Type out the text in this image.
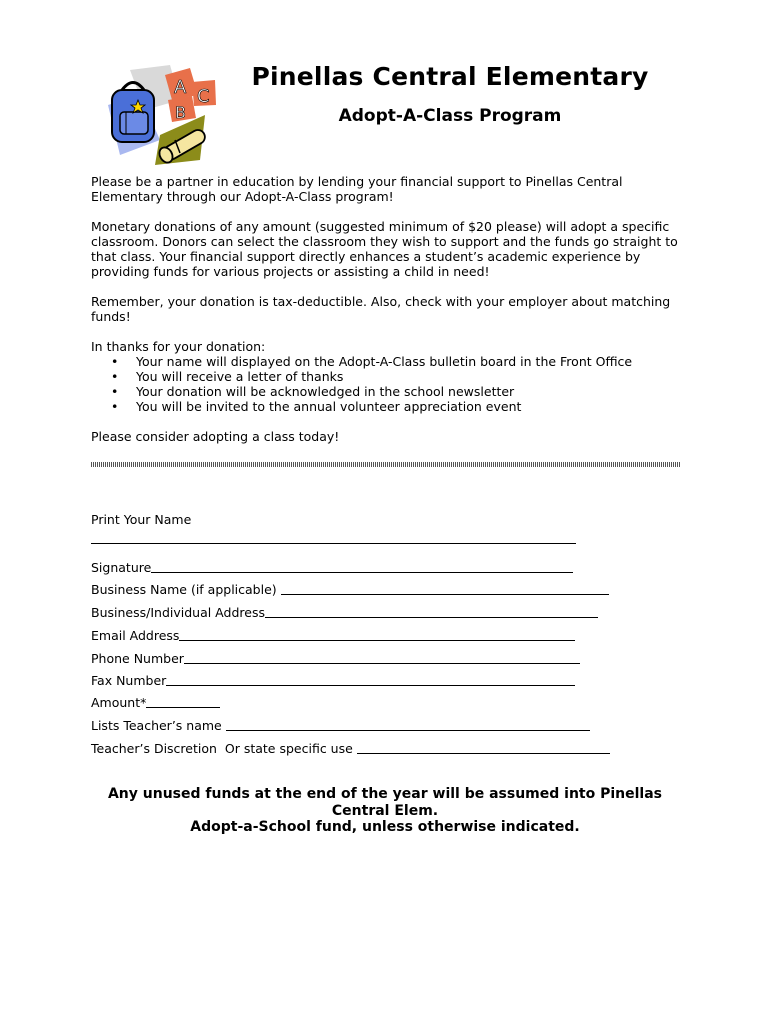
A
B
C
Pinellas Central Elementary
Adopt-A-Class Program

Please be a partner in education by lending your financial support to Pinellas Central Elementary through our Adopt-A-Class program!

Monetary donations of any amount (suggested minimum of $20 please) will adopt a specific classroom. Donors can select the classroom they wish to support and the funds go straight to that class. Your financial support directly enhances a student’s academic experience by providing funds for various projects or assisting a child in need!

Remember, your donation is tax-deductible. Also, check with your employer about matching funds!

In thanks for your donation:
• Your name will displayed on the Adopt-A-Class bulletin board in the Front Office
• You will receive a letter of thanks
• Your donation will be acknowledged in the school newsletter
• You will be invited to the annual volunteer appreciation event

Please consider adopting a class today!

Print Your Name
Signature
Business Name (if applicable)
Business/Individual Address
Email Address
Phone Number
Fax Number
Amount*
Lists Teacher’s name
Teacher’s Discretion  Or state specific use
Any unused funds at the end of the year will be assumed into Pinellas
Central Elem.
Adopt-a-School fund, unless otherwise indicated.
